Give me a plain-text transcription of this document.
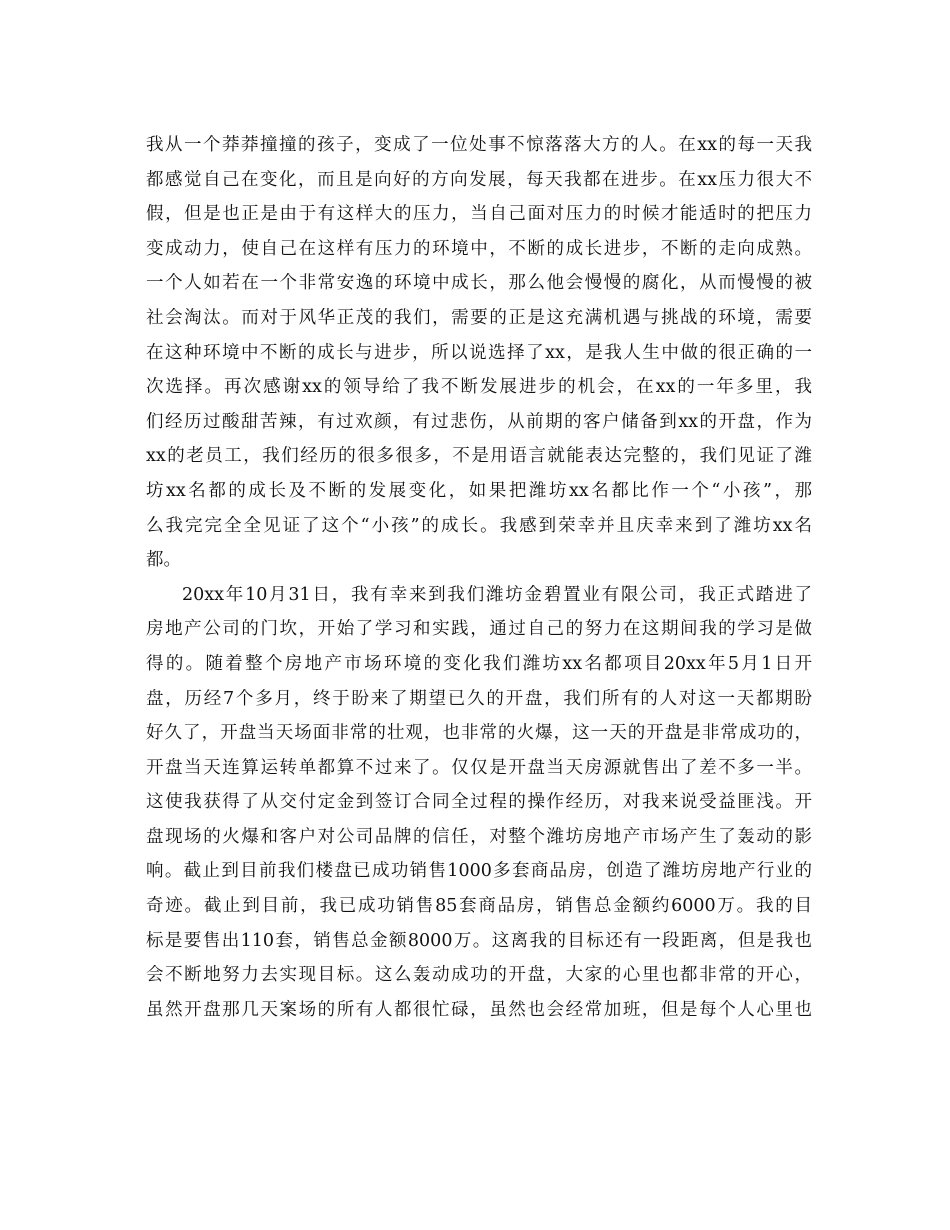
我从一个莽莽撞撞的孩子，变成了一位处事不惊落落大方的人。在xx的每一天我
都感觉自己在变化，而且是向好的方向发展，每天我都在进步。在xx压力很大不
假，但是也正是由于有这样大的压力，当自己面对压力的时候才能适时的把压力
变成动力，使自己在这样有压力的环境中，不断的成长进步，不断的走向成熟。
一个人如若在一个非常安逸的环境中成长，那么他会慢慢的腐化，从而慢慢的被
社会淘汰。而对于风华正茂的我们，需要的正是这充满机遇与挑战的环境，需要
在这种环境中不断的成长与进步，所以说选择了xx，是我人生中做的很正确的一
次选择。再次感谢xx的领导给了我不断发展进步的机会，在xx的一年多里，我
们经历过酸甜苦辣，有过欢颜，有过悲伤，从前期的客户储备到xx的开盘，作为
xx的老员工，我们经历的很多很多，不是用语言就能表达完整的，我们见证了潍
坊xx名都的成长及不断的发展变化，如果把潍坊xx名都比作一个“小孩”，那
么我完完全全见证了这个“小孩”的成长。我感到荣幸并且庆幸来到了潍坊xx名
都。
20xx年10月31日，我有幸来到我们潍坊金碧置业有限公司，我正式踏进了
房地产公司的门坎，开始了学习和实践，通过自己的努力在这期间我的学习是做
得的。随着整个房地产市场环境的变化我们潍坊xx名都项目20xx年5月1日开
盘，历经7个多月，终于盼来了期望已久的开盘，我们所有的人对这一天都期盼
好久了，开盘当天场面非常的壮观，也非常的火爆，这一天的开盘是非常成功的，
开盘当天连算运转单都算不过来了。仅仅是开盘当天房源就售出了差不多一半。
这使我获得了从交付定金到签订合同全过程的操作经历，对我来说受益匪浅。开
盘现场的火爆和客户对公司品牌的信任，对整个潍坊房地产市场产生了轰动的影
响。截止到目前我们楼盘已成功销售1000多套商品房，创造了潍坊房地产行业的
奇迹。截止到目前，我已成功销售85套商品房，销售总金额约6000万。我的目
标是要售出110套，销售总金额8000万。这离我的目标还有一段距离，但是我也
会不断地努力去实现目标。这么轰动成功的开盘，大家的心里也都非常的开心，
虽然开盘那几天案场的所有人都很忙碌，虽然也会经常加班，但是每个人心里也
